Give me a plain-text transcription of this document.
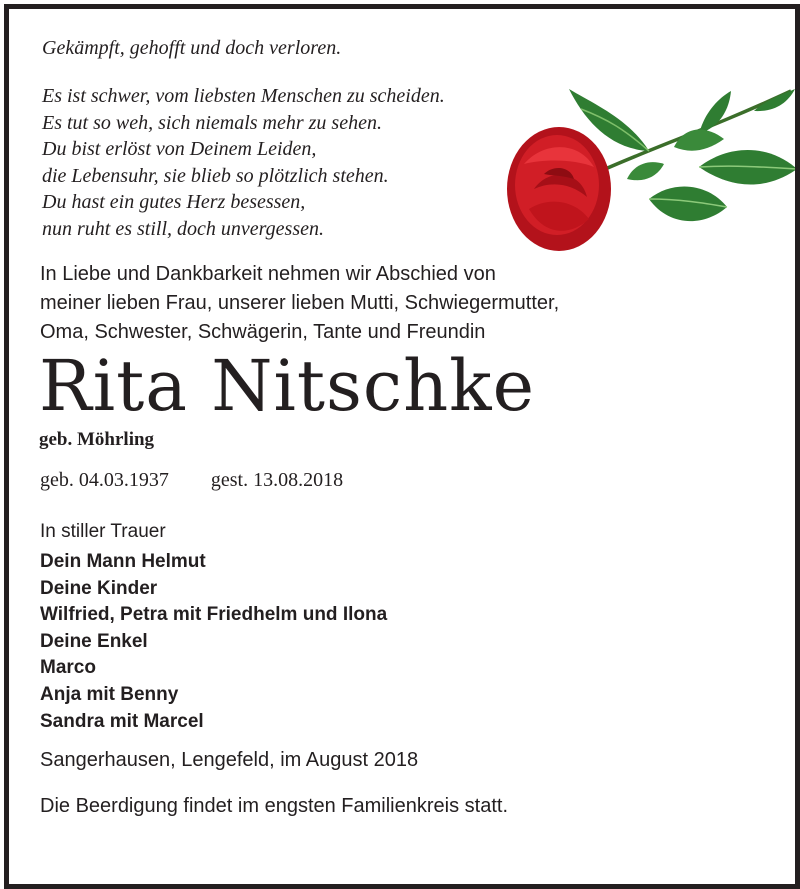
Gekämpft, gehofft und doch verloren.
Es ist schwer, vom liebsten Menschen zu scheiden.
Es tut so weh, sich niemals mehr zu sehen.
Du bist erlöst von Deinem Leiden,
die Lebensuhr, sie blieb so plötzlich stehen.
Du hast ein gutes Herz besessen,
nun ruht es still, doch unvergessen.
In Liebe und Dankbarkeit nehmen wir Abschied von
meiner lieben Frau, unserer lieben Mutti, Schwiegermutter,
Oma, Schwester, Schwägerin, Tante und Freundin
Rita Nitschke
geb. Möhrling
geb. 04.03.1937 gest. 13.08.2018
In stiller Trauer
Dein Mann Helmut
Deine Kinder
Wilfried, Petra mit Friedhelm und Ilona
Deine Enkel
Marco
Anja mit Benny
Sandra mit Marcel
Sangerhausen, Lengefeld, im August 2018
Die Beerdigung findet im engsten Familienkreis statt.
